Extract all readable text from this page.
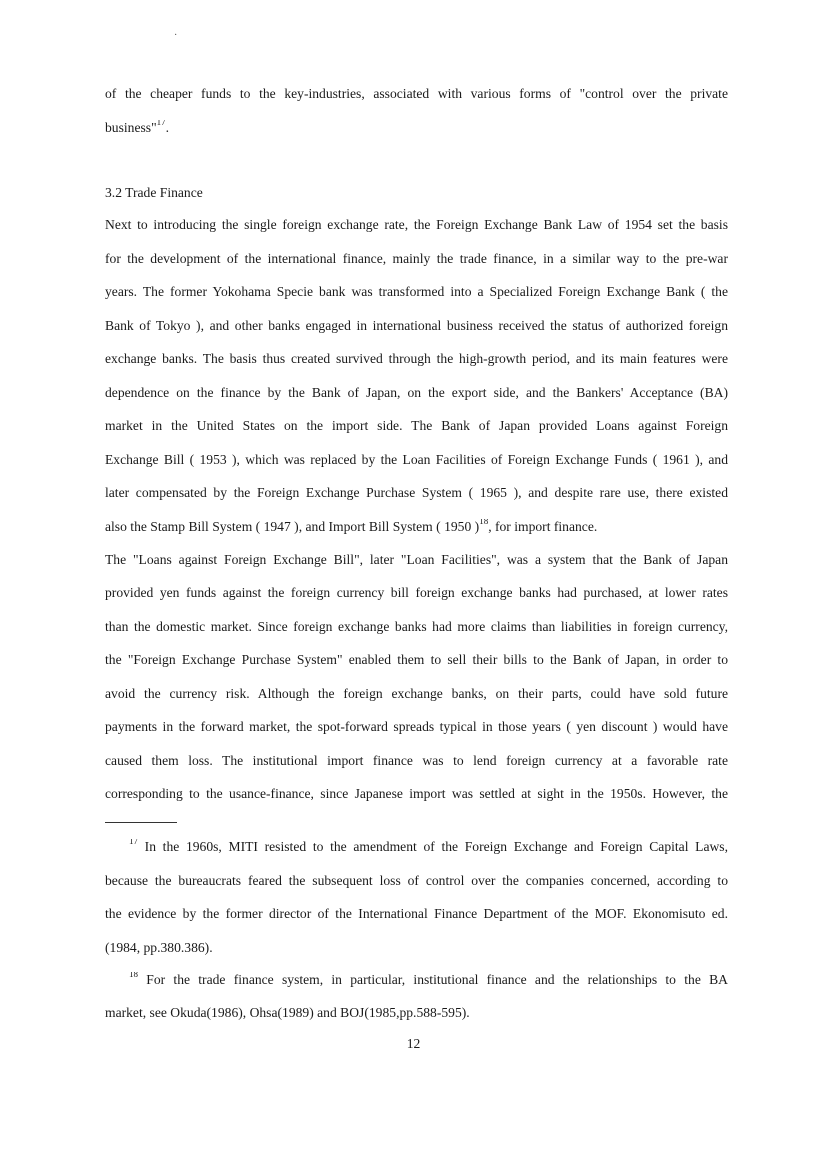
·
of the cheaper funds to the key-industries, associated with various forms of "control over the private
business"$^{17}$.
3.2 Trade Finance
Next to introducing the single foreign exchange rate, the Foreign Exchange Bank Law of 1954 set the basis
for the development of the international finance, mainly the trade finance, in a similar way to the pre-war
years. The former Yokohama Specie bank was transformed into a Specialized Foreign Exchange Bank ( the
Bank of Tokyo ), and other banks engaged in international business received the status of authorized foreign
exchange banks. The basis thus created survived through the high-growth period, and its main features were
dependence on the finance by the Bank of Japan, on the export side, and the Bankers' Acceptance (BA)
market in the United States on the import side. The Bank of Japan provided Loans against Foreign
Exchange Bill ( 1953 ), which was replaced by the Loan Facilities of Foreign Exchange Funds ( 1961 ), and
later compensated by the Foreign Exchange Purchase System ( 1965 ), and despite rare use, there existed
also the Stamp Bill System ( 1947 ), and Import Bill System ( 1950 )$^{18}$, for import finance.
The "Loans against Foreign Exchange Bill", later "Loan Facilities", was a system that the Bank of Japan
provided yen funds against the foreign currency bill foreign exchange banks had purchased, at lower rates
than the domestic market. Since foreign exchange banks had more claims than liabilities in foreign currency,
the "Foreign Exchange Purchase System" enabled them to sell their bills to the Bank of Japan, in order to
avoid the currency risk. Although the foreign exchange banks, on their parts, could have sold future
payments in the forward market, the spot-forward spreads typical in those years ( yen discount ) would have
caused them loss. The institutional import finance was to lend foreign currency at a favorable rate
corresponding to the usance-finance, since Japanese import was settled at sight in the 1950s. However, the
$^{17}$ In the 1960s, MITI resisted to the amendment of the Foreign Exchange and Foreign Capital Laws,
because the bureaucrats feared the subsequent loss of control over the companies concerned, according to
the evidence by the former director of the International Finance Department of the MOF. Ekonomisuto ed.
(1984, pp.380.386).
$^{18}$ For the trade finance system, in particular, institutional finance and the relationships to the BA
market, see Okuda(1986), Ohsa(1989) and BOJ(1985,pp.588-595).
12
